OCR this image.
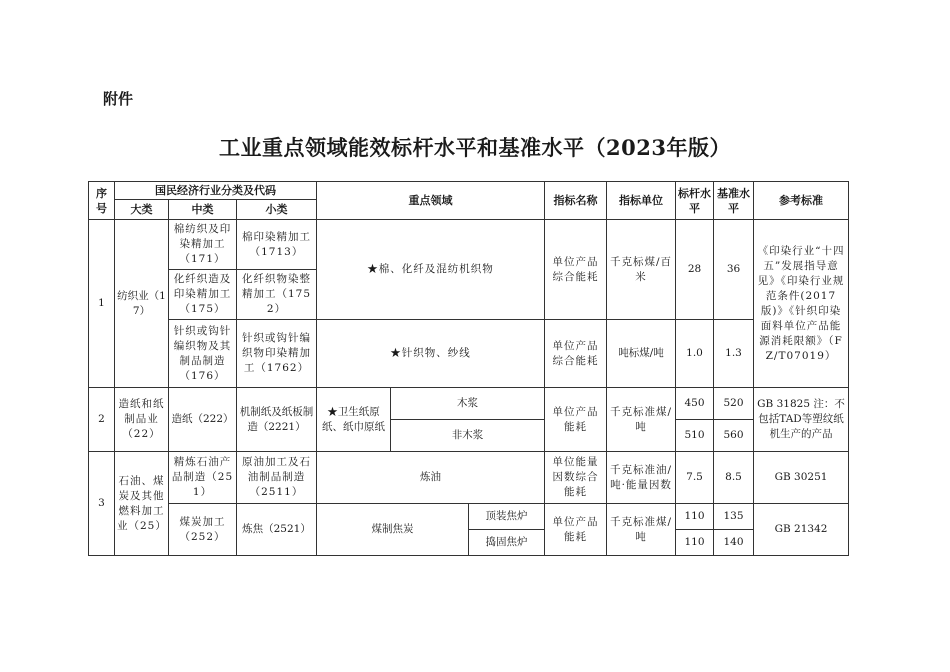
附件
工业重点领域能效标杆水平和基准水平（2023年版）
序号	国民经济行业分类及代码			重点领域			指标名称	指标单位	标杆水平	基准水平	参考标准
	大类	中类	小类								
1	纺织业（17）	棉纺织及印染精加工（171）	棉印染精加工（1713）	★棉、化纤及混纺机织物			单位产品综合能耗	千克标煤/百米	28	36	《印染行业“十四五”发展指导意见》《印染行业规范条件(2017版)》《针织印染面料单位产品能源消耗限额》（FZ/T07019）
		化纤织造及印染精加工（175）	化纤织物染整精加工（1752）								
		针织或钩针编织物及其制品制造（176）	针织或钩针编织物印染精加工（1762）	★针织物、纱线			单位产品综合能耗	吨标煤/吨	1.0	1.3	
2	造纸和纸制品业（22）	造纸（222）	机制纸及纸板制造（2221）	★卫生纸原纸、纸巾原纸	木浆		单位产品能耗	千克标准煤/吨	450	520	GB 31825 注：不包括TAD等塑纹纸机生产的产品
					非木浆				510	560	
3	石油、煤炭及其他燃料加工业（25）	精炼石油产品制造（251）	原油加工及石油制品制造（2511）	炼油			单位能量因数综合能耗	千克标准油/吨·能量因数	7.5	8.5	GB 30251
		煤炭加工（252）	炼焦（2521）	煤制焦炭		顶装焦炉	单位产品能耗	千克标准煤/吨	110	135	GB 21342
						捣固焦炉			110	140	
